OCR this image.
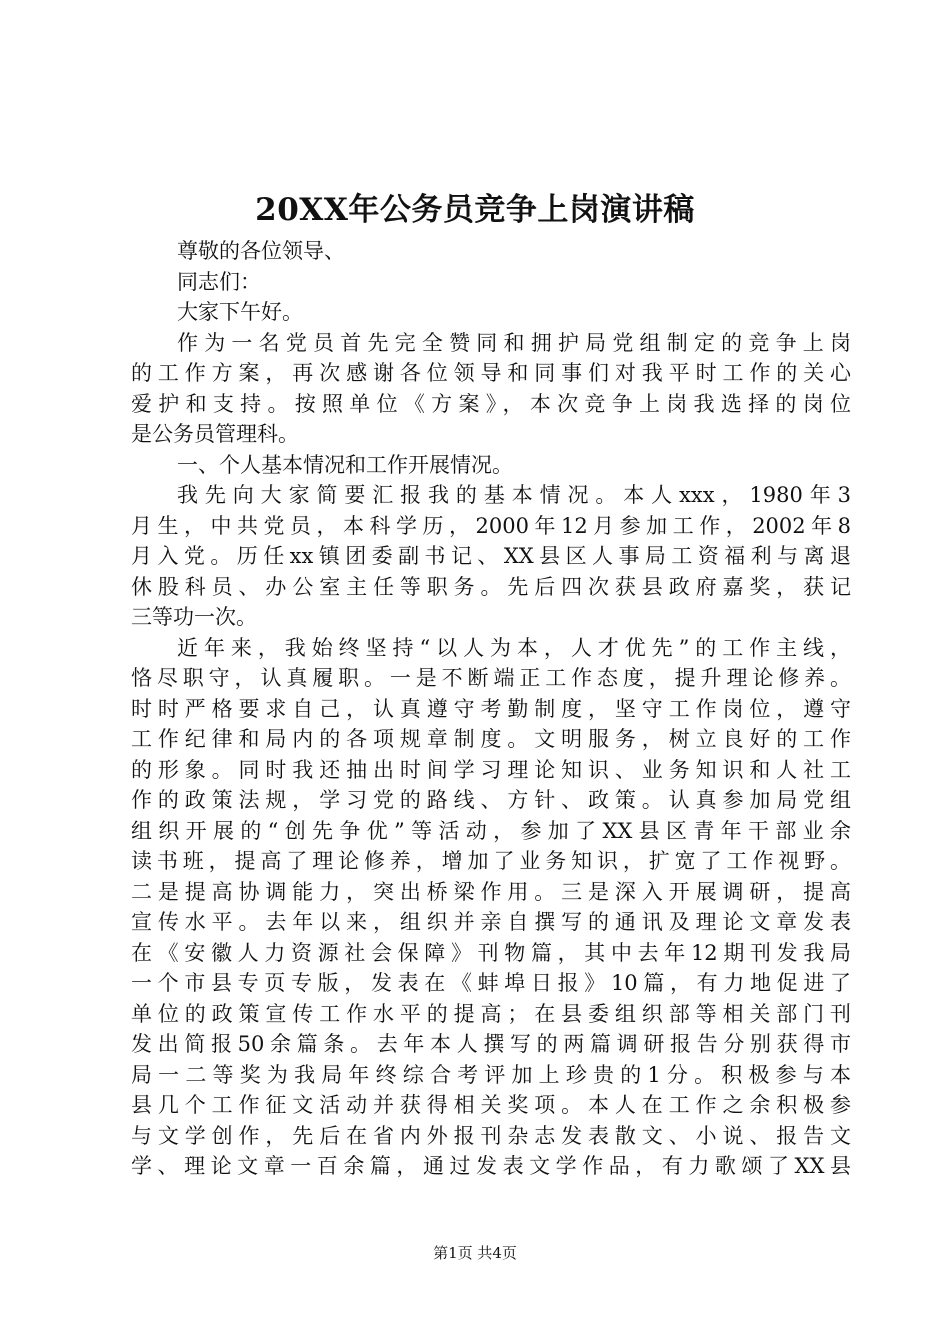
20XX年公务员竞争上岗演讲稿
尊敬的各位领导、
同志们：
大家下午好。
作为一名党员首先完全赞同和拥护局党组制定的竞争上岗
的工作方案，再次感谢各位领导和同事们对我平时工作的关心
爱护和支持。按照单位《方案》，本次竞争上岗我选择的岗位
是公务员管理科。
一、个人基本情况和工作开展情况。
我先向大家简要汇报我的基本情况。本人xxx，1980年3
月生，中共党员，本科学历，2000年12月参加工作，2002年8
月入党。历任xx镇团委副书记、XX县区人事局工资福利与离退
休股科员、办公室主任等职务。先后四次获县政府嘉奖，获记
三等功一次。
近年来，我始终坚持“以人为本，人才优先”的工作主线，
恪尽职守，认真履职。一是不断端正工作态度，提升理论修养。
时时严格要求自己，认真遵守考勤制度，坚守工作岗位，遵守
工作纪律和局内的各项规章制度。文明服务，树立良好的工作
的形象。同时我还抽出时间学习理论知识、业务知识和人社工
作的政策法规，学习党的路线、方针、政策。认真参加局党组
组织开展的“创先争优”等活动，参加了XX县区青年干部业余
读书班，提高了理论修养，增加了业务知识，扩宽了工作视野。
二是提高协调能力，突出桥梁作用。三是深入开展调研，提高
宣传水平。去年以来，组织并亲自撰写的通讯及理论文章发表
在《安徽人力资源社会保障》刊物篇，其中去年12期刊发我局
一个市县专页专版，发表在《蚌埠日报》10篇，有力地促进了
单位的政策宣传工作水平的提高；在县委组织部等相关部门刊
发出简报50余篇条。去年本人撰写的两篇调研报告分别获得市
局一二等奖为我局年终综合考评加上珍贵的1分。积极参与本
县几个工作征文活动并获得相关奖项。本人在工作之余积极参
与文学创作，先后在省内外报刊杂志发表散文、小说、报告文
学、理论文章一百余篇，通过发表文学作品，有力歌颂了XX县
第1页 共4页
